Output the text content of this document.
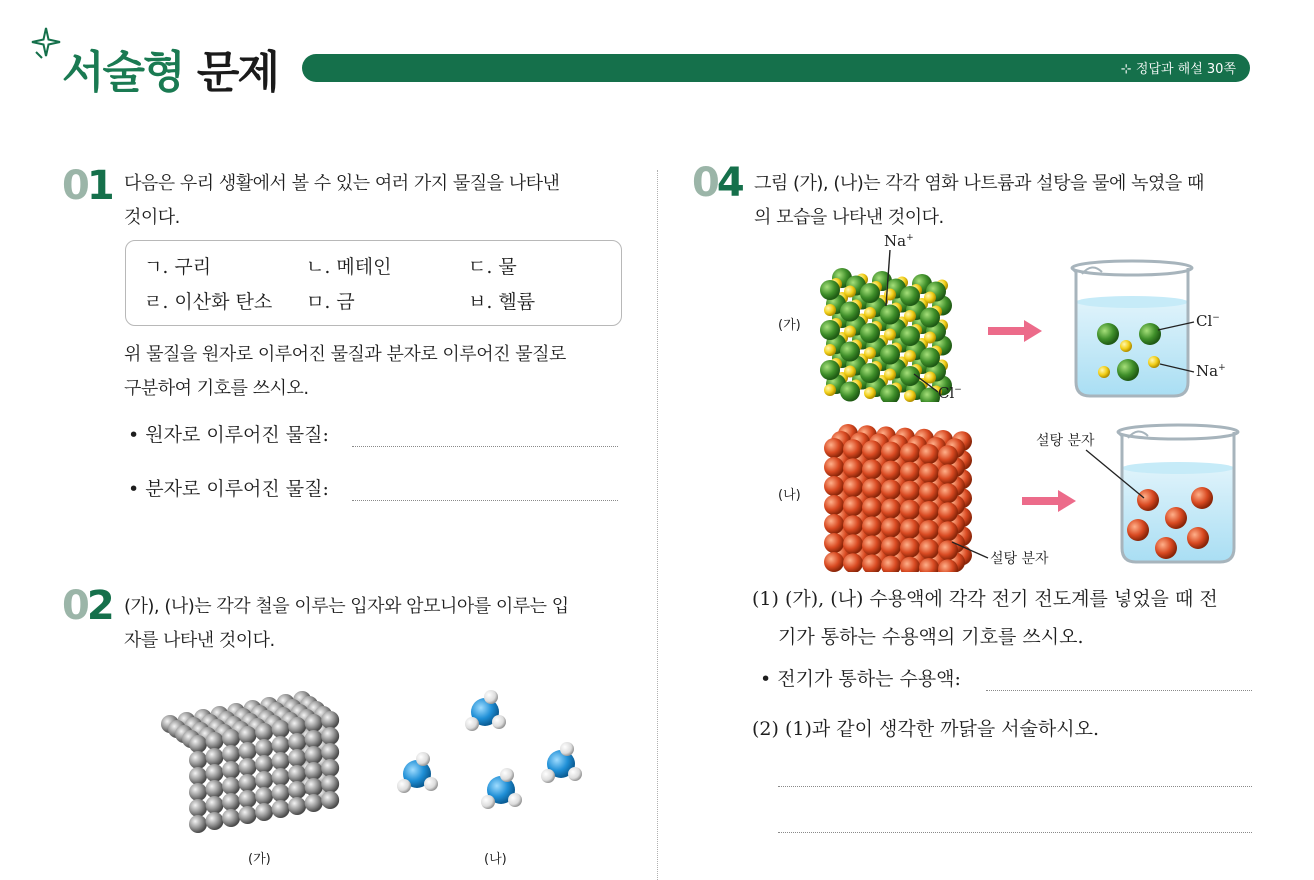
서술형 문제	⊹ 정답과 해설 30쪽
01 다음은 우리 생활에서 볼 수 있는 여러 가지 물질을 나타낸
것이다.
ㄱ. 구리	ㄴ. 메테인	ㄷ. 물
ㄹ. 이산화 탄소 ㅁ. 금	ㅂ. 헬륨
위 물질을 원자로 이루어진 물질과 분자로 이루어진 물질로
구분하여 기호를 쓰시오.
• 원자로 이루어진 물질:
• 분자로 이루어진 물질:
02 (가), (나)는 각각 철을 이루는 입자와 암모니아를 이루는 입
자를 나타낸 것이다.
(가)	(나)
04 그림 (가), (나)는 각각 염화 나트륨과 설탕을 물에 녹였을 때
의 모습을 나타낸 것이다.
(가)
(나)
Na+
Cl−
Cl−
Na+
설탕 분자
설탕 분자
(1) (가), (나) 수용액에 각각 전기 전도계를 넣었을 때 전
기가 통하는 수용액의 기호를 쓰시오.
• 전기가 통하는 수용액:
(2) (1)과 같이 생각한 까닭을 서술하시오.
